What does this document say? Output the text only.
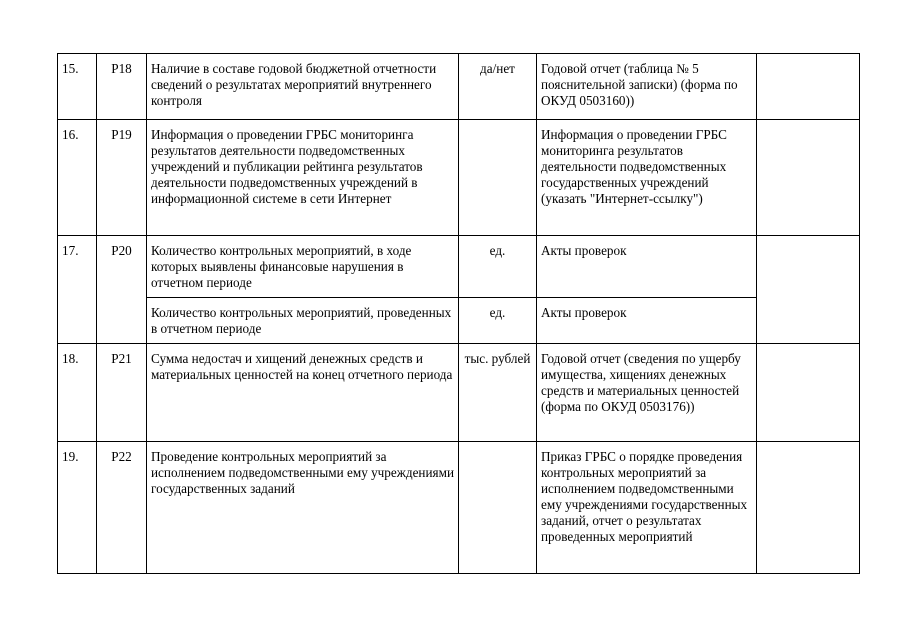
15.	Р18	Наличие в составе годовой бюджетной отчетности сведений о результатах мероприятий внутреннего контроля	да/нет	Годовой отчет (таблица № 5 пояснительной записки) (форма по ОКУД 0503160))	
16.	Р19	Информация о проведении ГРБС мониторинга результатов деятельности подведомственных учреждений и публикации рейтинга результатов деятельности подведомственных учреждений в информационной системе в сети Интернет		Информация о проведении ГРБС мониторинга результатов деятельности подведомственных государственных учреждений (указать "Интернет-ссылку")	
17.	Р20	Количество контрольных мероприятий, в ходе которых выявлены финансовые нарушения в отчетном периоде	ед.	Акты проверок	
		Количество контрольных мероприятий, проведенных в отчетном периоде	ед.	Акты проверок	
18.	Р21	Сумма недостач и хищений денежных средств и материальных ценностей на конец отчетного периода	тыс. рублей	Годовой отчет (сведения по ущербу имущества, хищениях денежных средств и материальных ценностей (форма по ОКУД 0503176))	
19.	Р22	Проведение контрольных мероприятий за исполнением подведомственными ему учреждениями государственных заданий		Приказ ГРБС о порядке проведения контрольных мероприятий за исполнением подведомственными ему учреждениями государственных заданий, отчет о результатах проведенных мероприятий	
